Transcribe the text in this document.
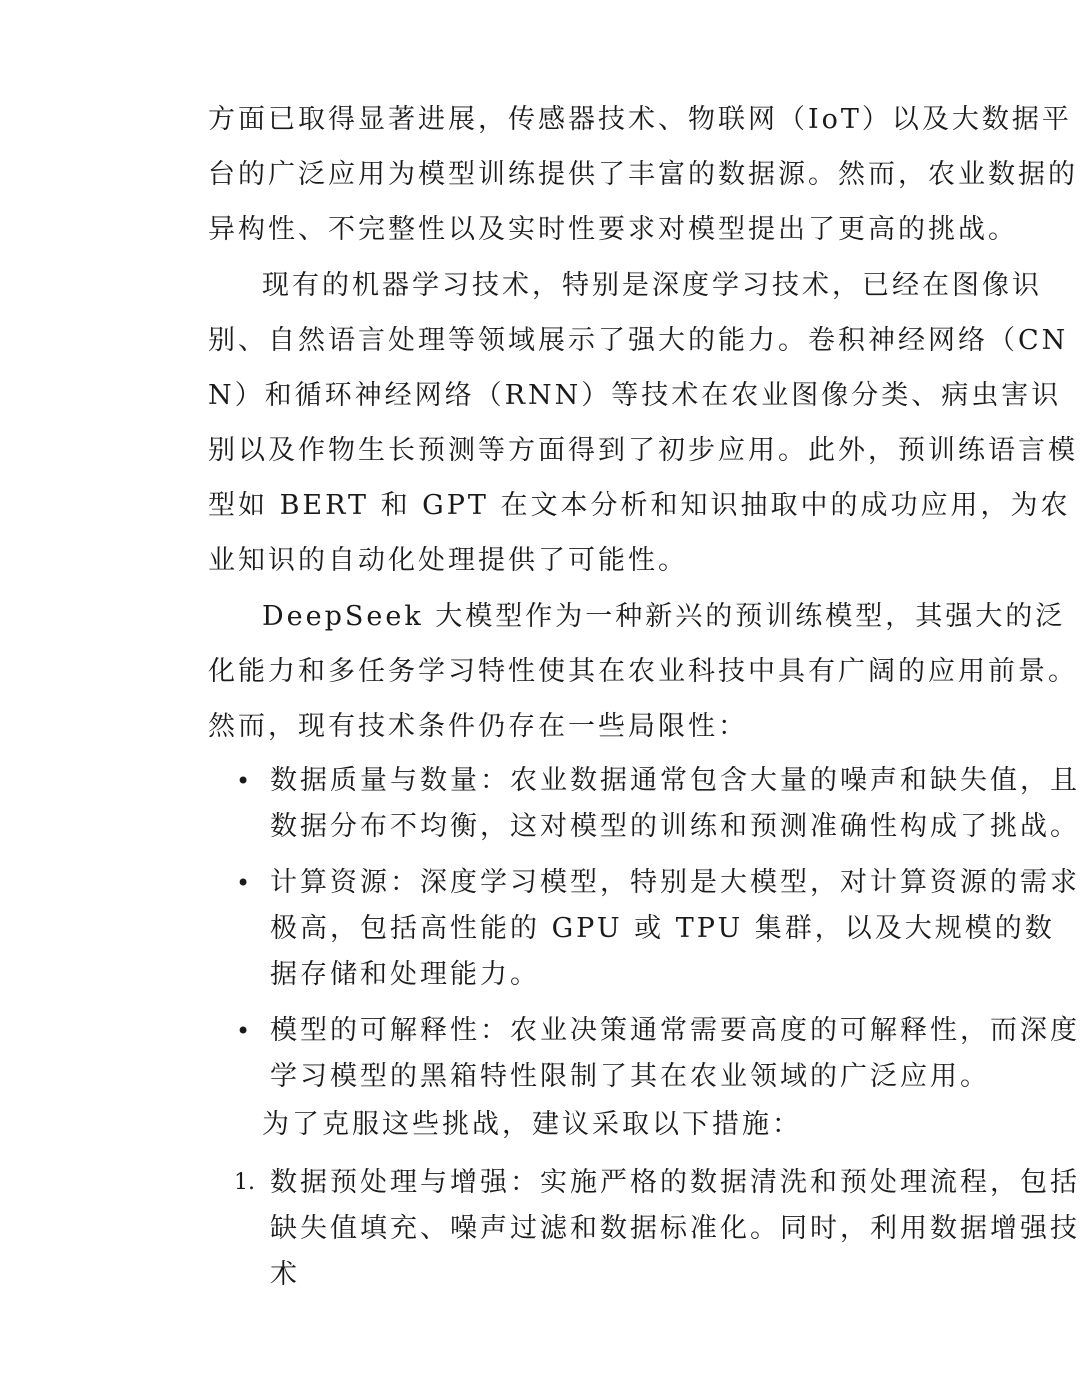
方面已取得显著进展，传感器技术、物联网（IoT）以及大数据平台的广泛应用为模型训练提供了丰富的数据源。然而，农业数据的异构性、不完整性以及实时性要求对模型提出了更高的挑战。

现有的机器学习技术，特别是深度学习技术，已经在图像识别、自然语言处理等领域展示了强大的能力。卷积神经网络（CNN）和循环神经网络（RNN）等技术在农业图像分类、病虫害识别以及作物生长预测等方面得到了初步应用。此外，预训练语言模型如 BERT 和 GPT 在文本分析和知识抽取中的成功应用，为农业知识的自动化处理提供了可能性。

DeepSeek 大模型作为一种新兴的预训练模型，其强大的泛化能力和多任务学习特性使其在农业科技中具有广阔的应用前景。然而，现有技术条件仍存在一些局限性：

• 数据质量与数量：农业数据通常包含大量的噪声和缺失值，且数据分布不均衡，这对模型的训练和预测准确性构成了挑战。
• 计算资源：深度学习模型，特别是大模型，对计算资源的需求极高，包括高性能的 GPU 或 TPU 集群，以及大规模的数据存储和处理能力。
• 模型的可解释性：农业决策通常需要高度的可解释性，而深度学习模型的黑箱特性限制了其在农业领域的广泛应用。

为了克服这些挑战，建议采取以下措施：

1. 数据预处理与增强：实施严格的数据清洗和预处理流程，包括缺失值填充、噪声过滤和数据标准化。同时，利用数据增强技术
